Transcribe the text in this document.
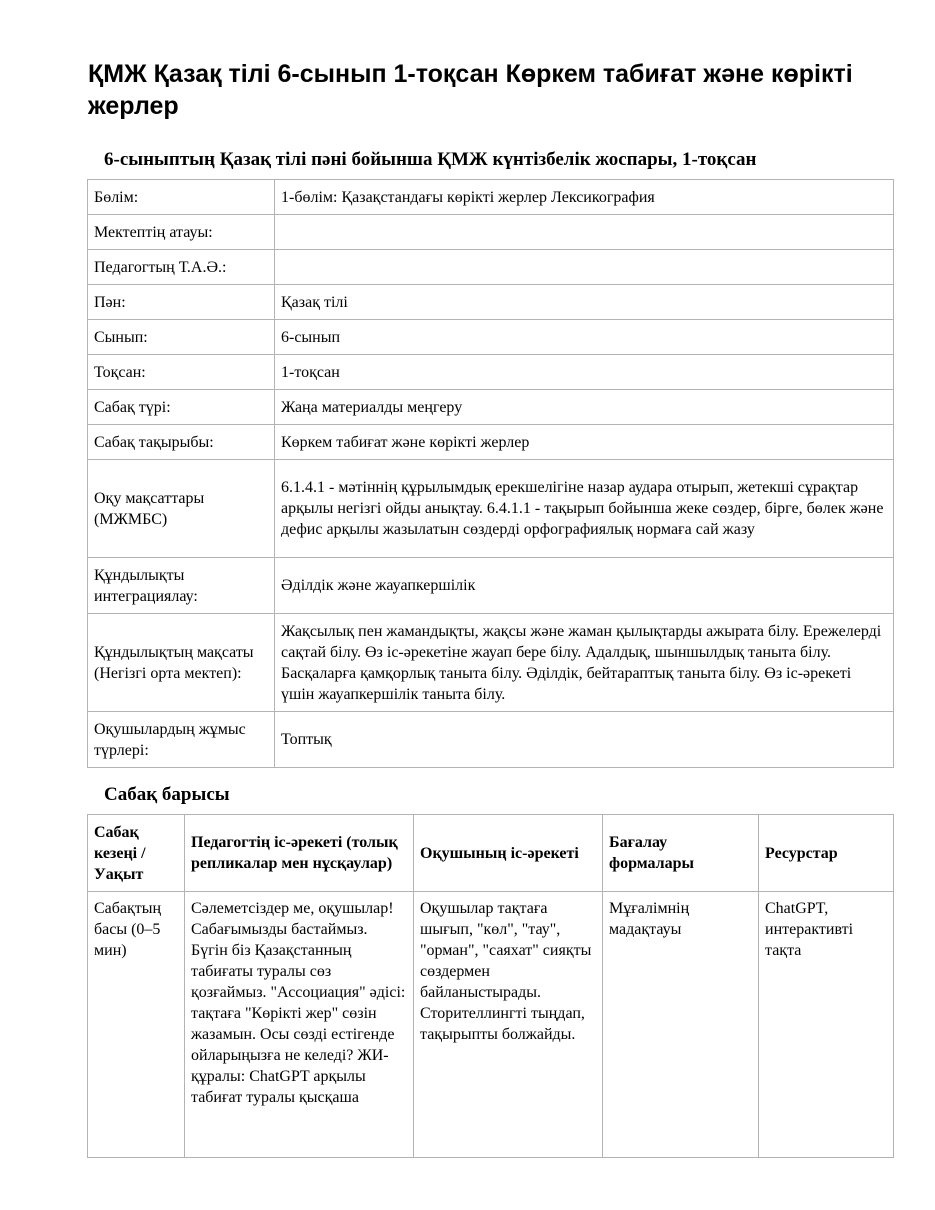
ҚМЖ Қазақ тілі 6-сынып 1-тоқсан Көркем табиғат және көрікті жерлер
6-сыныптың Қазақ тілі пәні бойынша ҚМЖ күнтізбелік жоспары, 1-тоқсан
Бөлім:	1-бөлім: Қазақстандағы көрікті жерлер Лексикография
Мектептің атауы:	
Педагогтың Т.А.Ә.:	
Пән:	Қазақ тілі
Сынып:	6-сынып
Тоқсан:	1-тоқсан
Сабақ түрі:	Жаңа материалды меңгеру
Сабақ тақырыбы:	Көркем табиғат және көрікті жерлер
Оқу мақсаттары (МЖМБС)	6.1.4.1 - мәтіннің құрылымдық ерекшелігіне назар аудара отырып, жетекші сұрақтар арқылы негізгі ойды анықтау. 6.4.1.1 - тақырып бойынша жеке сөздер, бірге, бөлек және дефис арқылы жазылатын сөздерді орфографиялық нормаға сай жазу
Құндылықты интеграциялау:	Әділдік және жауапкершілік
Құндылықтың мақсаты (Негізгі орта мектеп):	Жақсылық пен жамандықты, жақсы және жаман қылықтарды ажырата білу. Ережелерді сақтай білу. Өз іс-әрекетіне жауап бере білу. Адалдық, шыншылдық таныта білу. Басқаларға қамқорлық таныта білу. Әділдік, бейтараптық таныта білу. Өз іс-әрекеті үшін жауапкершілік таныта білу.
Оқушылардың жұмыс түрлері:	Топтық
Сабақ барысы
Сабақ кезеңі / Уақыт	Педагогтің іс-әрекеті (толық репликалар мен нұсқаулар)	Оқушының іс-әрекеті	Бағалау формалары	Ресурстар
Сабақтың басы (0–5 мин)	Сәлеметсіздер ме, оқушылар! Сабағымызды бастаймыз. Бүгін біз Қазақстанның табиғаты туралы сөз қозғаймыз. "Ассоциация" әдісі: тақтаға "Көрікті жер" сөзін жазамын. Осы сөзді естігенде ойларыңызға не келеді? ЖИ-құралы: ChatGPT арқылы табиғат туралы қысқаша	Оқушылар тақтаға шығып, "көл", "тау", "орман", "саяхат" сияқты сөздермен байланыстырады. Сторителлингті тыңдап, тақырыпты болжайды.	Мұғалімнің мадақтауы	ChatGPT, интерактивті тақта
